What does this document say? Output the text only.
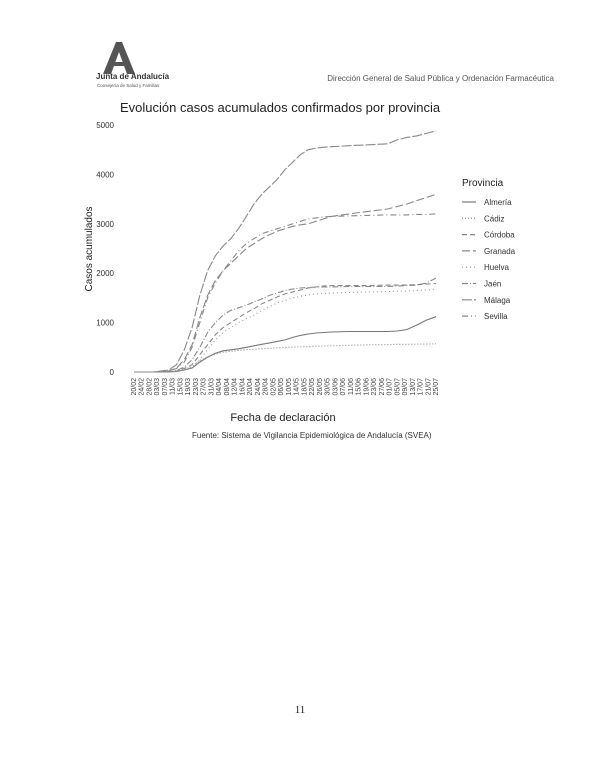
Junta de Andalucía
Consejería de Salud y Familias
Dirección General de Salud Pública y Ordenación Farmacéutica
Evolución casos acumulados confirmados por provincia
0
1000
2000
3000
4000
5000
20/02 24/02 28/02 03/03 07/03 11/03 15/03 19/03 23/03 27/03 31/03 04/04 08/04 12/04 16/04 20/04 24/04 28/04 02/05 06/05 10/05 14/05 18/05 22/05 26/05 30/05 03/06 07/06 11/06 15/06 19/06 23/06 27/06 01/07 05/07 09/07 13/07 17/07 21/07 25/07
Casos acumulados
Fecha de declaración
Fuente: Sistema de Vigilancia Epidemiológica de Andalucía (SVEA)
Provincia
Almería
Cádiz
Córdoba
Granada
Huelva
Jaén
Málaga
Sevilla
11
